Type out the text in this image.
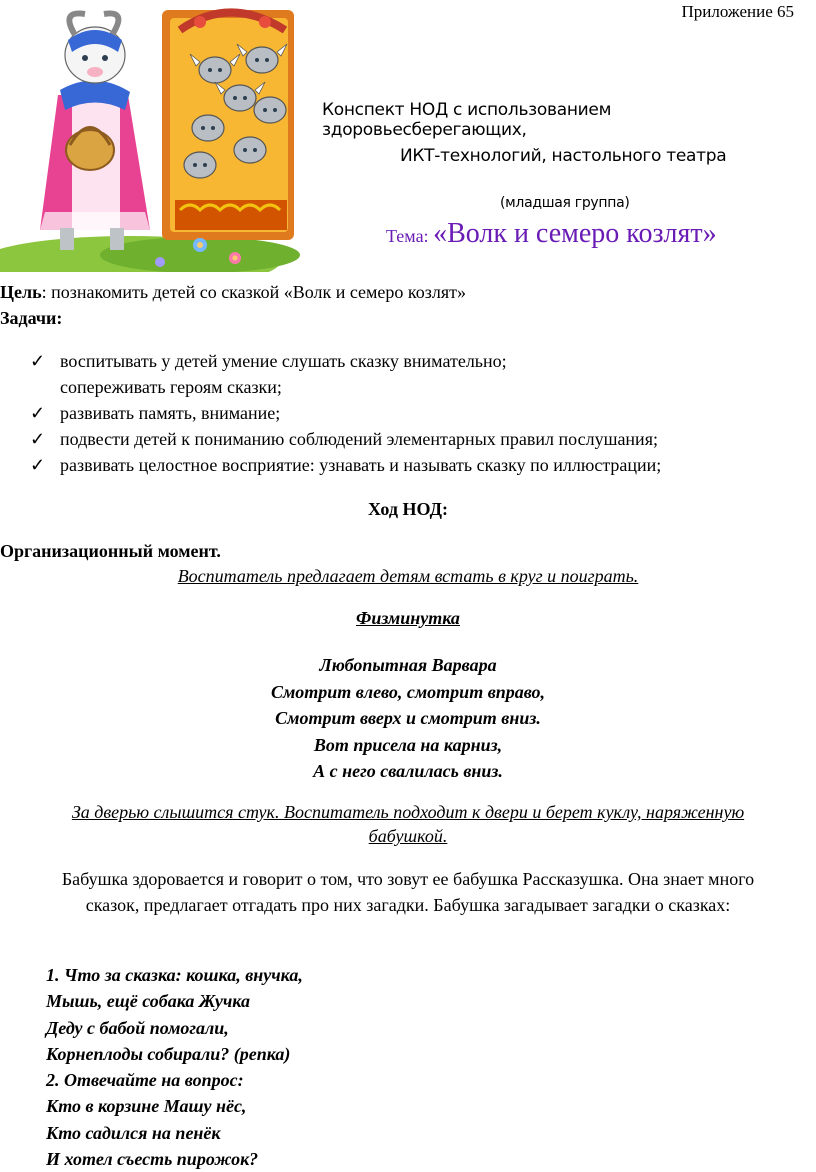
Приложение 65
Конспект НОД с использованием здоровьесберегающих,
ИКТ-технологий, настольного театра
(младшая группа)
Тема: «Волк и семеро козлят»
Цель: познакомить детей со сказкой «Волк и семеро козлят»
Задачи:
✓ воспитывать у детей умение слушать сказку внимательно;
сопереживать героям сказки;
✓ развивать память, внимание;
✓ подвести детей к пониманию соблюдений элементарных правил послушания;
✓ развивать целостное восприятие: узнавать и называть сказку по иллюстрации;
Ход НОД:
Организационный момент.
Воспитатель предлагает детям встать в круг и поиграть.
Физминутка
Любопытная Варвара
Смотрит влево, смотрит вправо,
Смотрит вверх и смотрит вниз.
Вот присела на карниз,
А с него свалилась вниз.
За дверью слышится стук. Воспитатель подходит к двери и берет куклу, наряженную
бабушкой.
Бабушка здоровается и говорит о том, что зовут ее бабушка Рассказушка. Она знает много
сказок, предлагает отгадать про них загадки. Бабушка загадывает загадки о сказках:
1. Что за сказка: кошка, внучка,
Мышь, ещё собака Жучка
Деду с бабой помогали,
Корнеплоды собирали? (репка)
2. Отвечайте на вопрос:
Кто в корзине Машу нёс,
Кто садился на пенёк
И хотел съесть пирожок?
